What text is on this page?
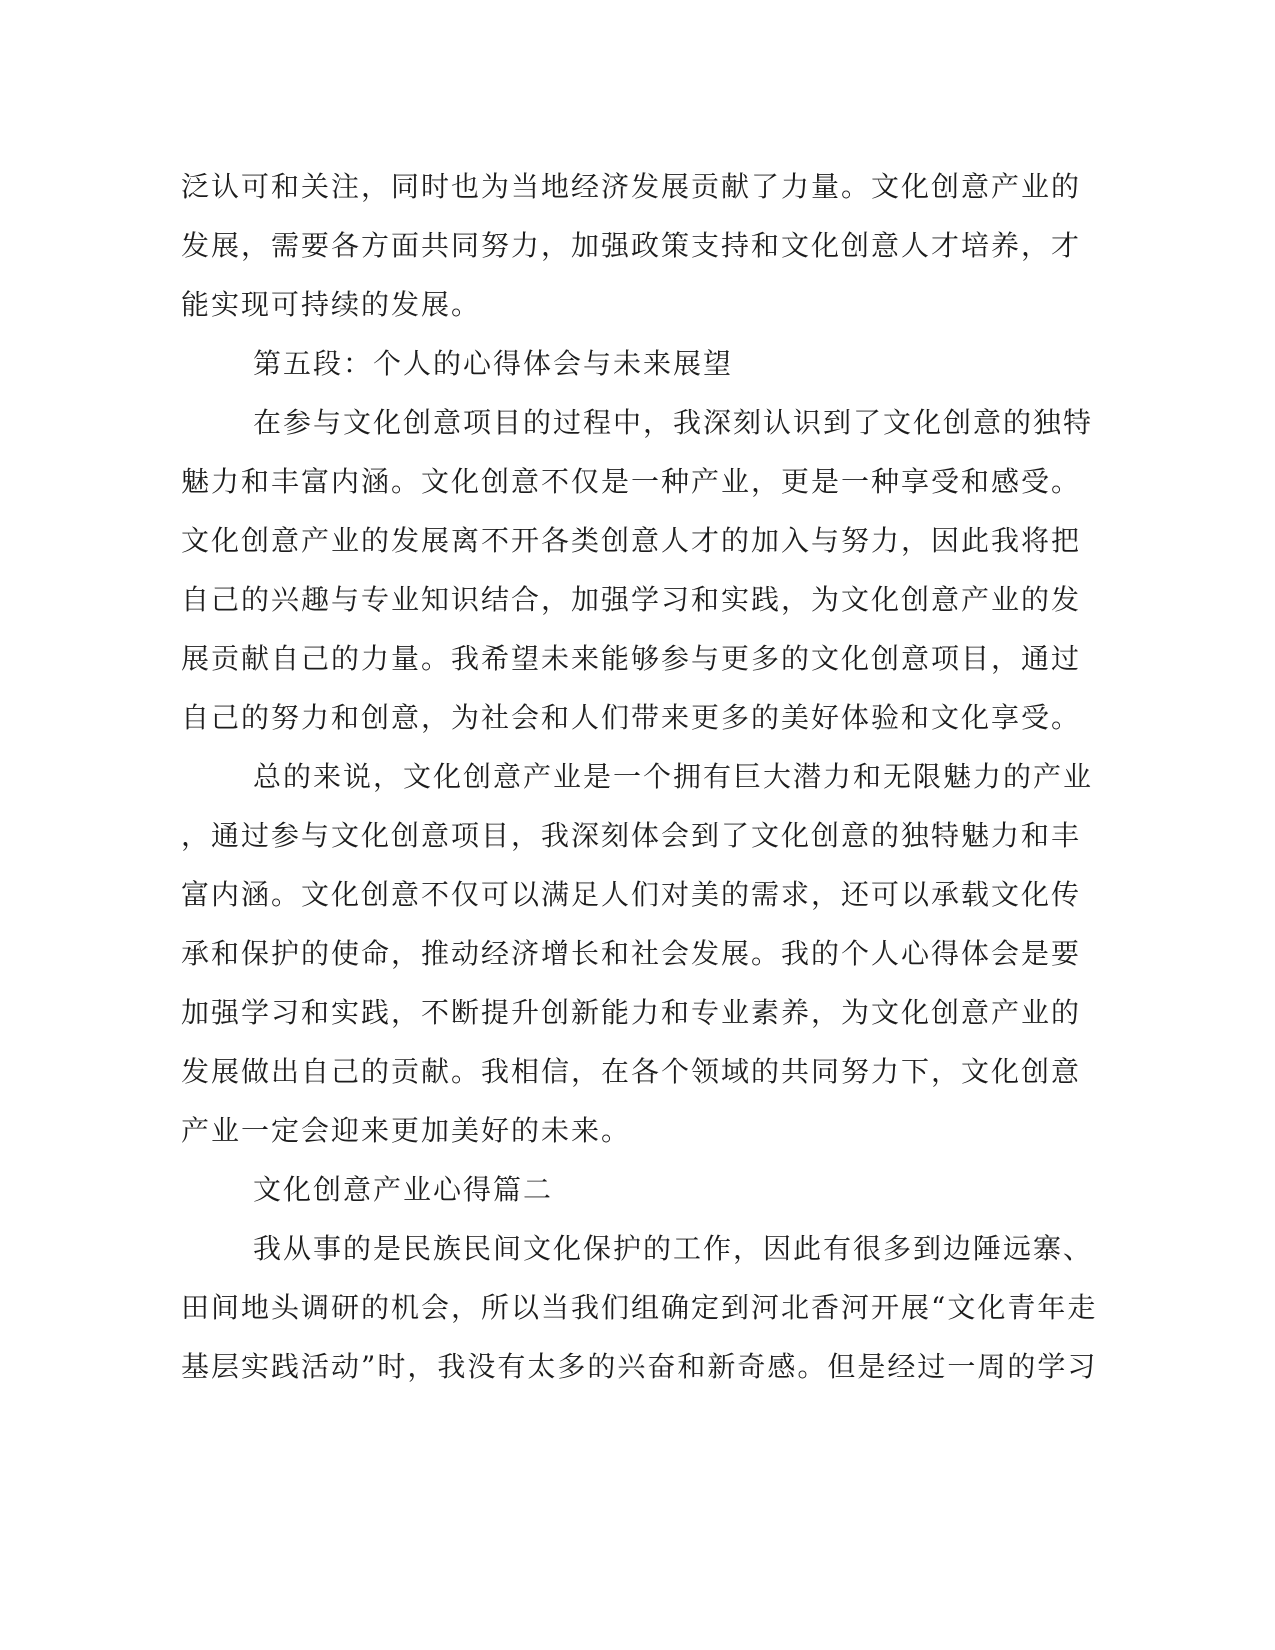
泛认可和关注，同时也为当地经济发展贡献了力量。文化创意产业的
发展，需要各方面共同努力，加强政策支持和文化创意人才培养，才
能实现可持续的发展。
第五段：个人的心得体会与未来展望
在参与文化创意项目的过程中，我深刻认识到了文化创意的独特
魅力和丰富内涵。文化创意不仅是一种产业，更是一种享受和感受。
文化创意产业的发展离不开各类创意人才的加入与努力，因此我将把
自己的兴趣与专业知识结合，加强学习和实践，为文化创意产业的发
展贡献自己的力量。我希望未来能够参与更多的文化创意项目，通过
自己的努力和创意，为社会和人们带来更多的美好体验和文化享受。
总的来说，文化创意产业是一个拥有巨大潜力和无限魅力的产业
，通过参与文化创意项目，我深刻体会到了文化创意的独特魅力和丰
富内涵。文化创意不仅可以满足人们对美的需求，还可以承载文化传
承和保护的使命，推动经济增长和社会发展。我的个人心得体会是要
加强学习和实践，不断提升创新能力和专业素养，为文化创意产业的
发展做出自己的贡献。我相信，在各个领域的共同努力下，文化创意
产业一定会迎来更加美好的未来。
文化创意产业心得篇二
我从事的是民族民间文化保护的工作，因此有很多到边陲远寨、
田间地头调研的机会，所以当我们组确定到河北香河开展“文化青年走
基层实践活动”时，我没有太多的兴奋和新奇感。但是经过一周的学习
